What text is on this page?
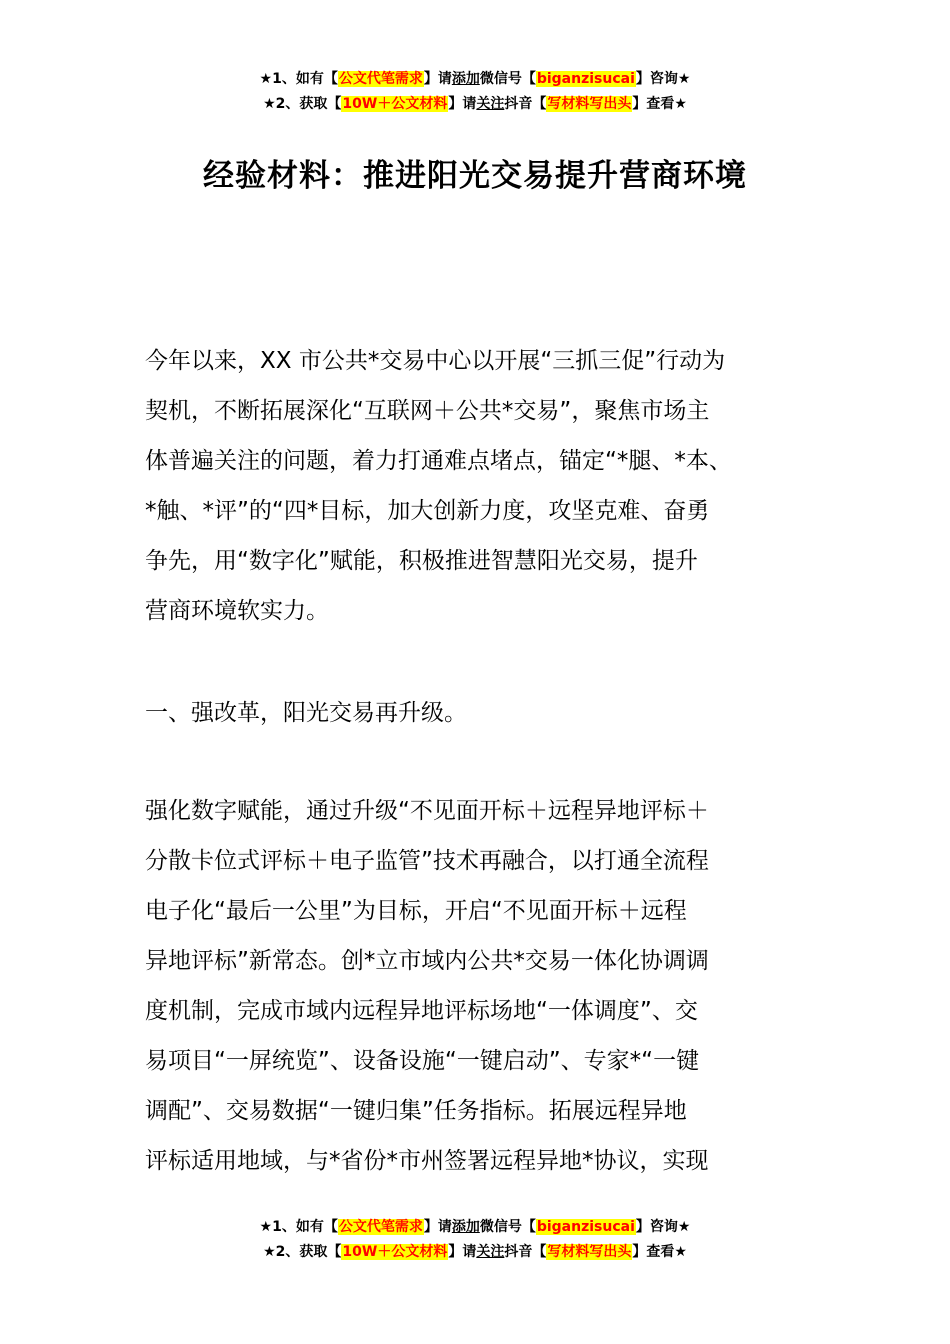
★1、如有【公文代笔需求】请添加微信号【biganzisucai】咨询★
★2、获取【10W＋公文材料】请关注抖音【写材料写出头】查看★
经验材料：推进阳光交易提升营商环境
今年以来，XX 市公共*交易中心以开展“三抓三促”行动为
契机，不断拓展深化“互联网＋公共*交易”，聚焦市场主
体普遍关注的问题，着力打通难点堵点，锚定“*腿、*本、
*触、*评”的“四*目标，加大创新力度，攻坚克难、奋勇
争先，用“数字化”赋能，积极推进智慧阳光交易，提升
营商环境软实力。
一、强改革，阳光交易再升级。
强化数字赋能，通过升级“不见面开标＋远程异地评标＋
分散卡位式评标＋电子监管”技术再融合，以打通全流程
电子化“最后一公里”为目标，开启“不见面开标＋远程
异地评标”新常态。创*立市域内公共*交易一体化协调调
度机制，完成市域内远程异地评标场地“一体调度”、交
易项目“一屏统览”、设备设施“一键启动”、专家*“一键
调配”、交易数据“一键归集”任务指标。拓展远程异地
评标适用地域，与*省份*市州签署远程异地*协议，实现
★1、如有【公文代笔需求】请添加微信号【biganzisucai】咨询★
★2、获取【10W＋公文材料】请关注抖音【写材料写出头】查看★
